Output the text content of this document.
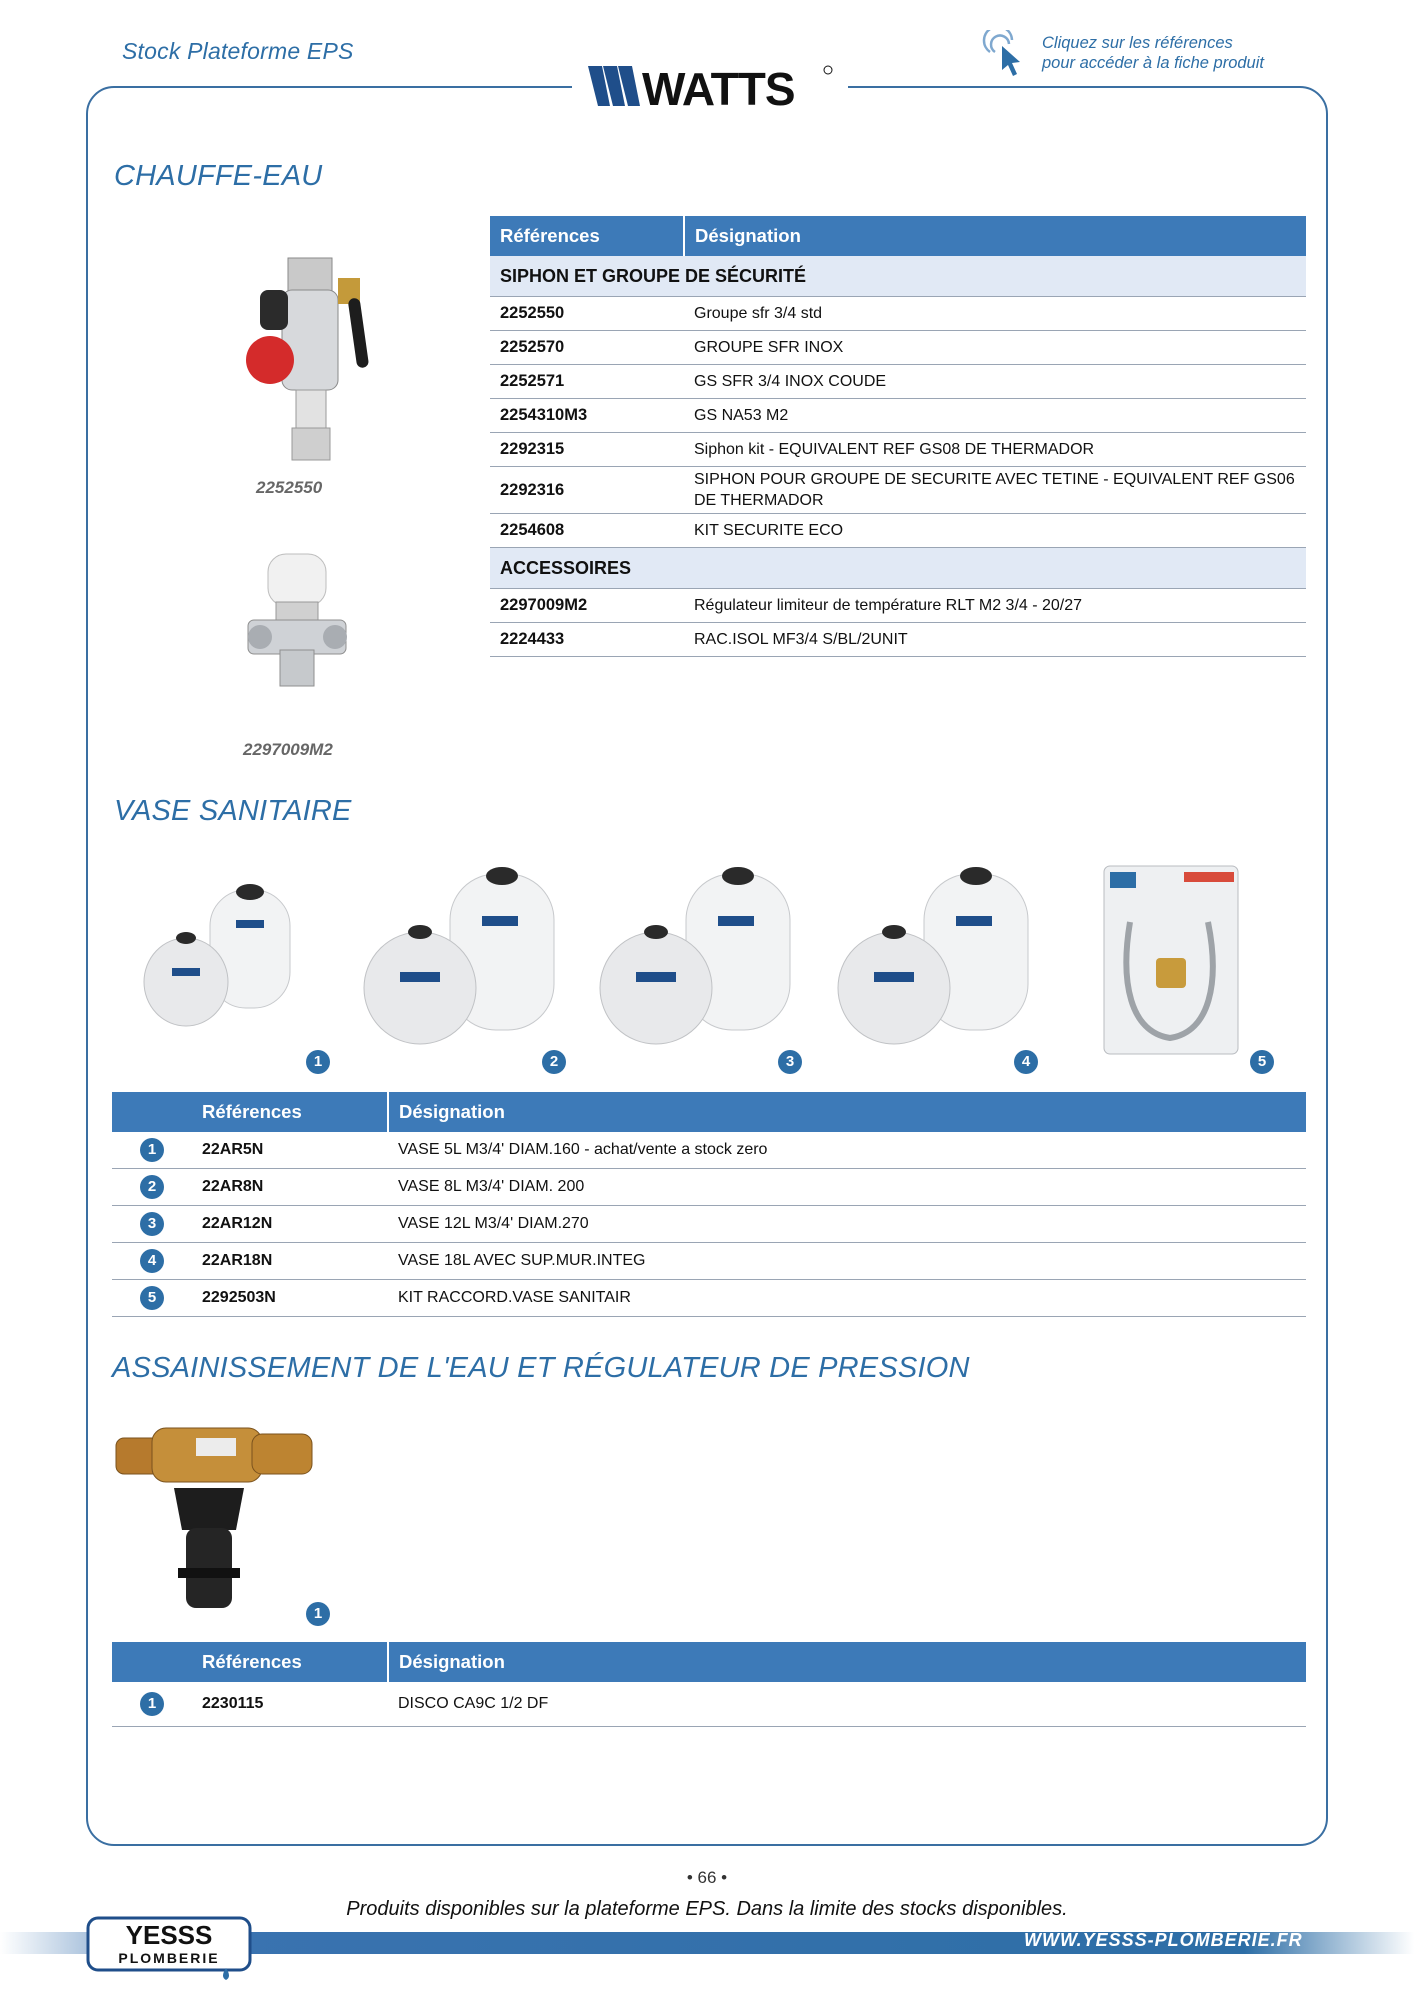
Stock Plateforme EPS
WATTS
Cliquez sur les références
pour accéder à la fiche produit
CHAUFFE-EAU
2252550
2297009M2
Références	Désignation
SIPHON ET GROUPE DE SÉCURITÉ	
2252550	Groupe sfr 3/4 std
2252570	GROUPE SFR INOX
2252571	GS SFR 3/4 INOX COUDE
2254310M3	GS NA53 M2
2292315	Siphon kit - EQUIVALENT REF GS08 DE THERMADOR
2292316	SIPHON POUR GROUPE DE SECURITE AVEC TETINE - EQUIVALENT REF GS06 DE THERMADOR
2254608	KIT SECURITE ECO
ACCESSOIRES	
2297009M2	Régulateur limiteur de température RLT M2 3/4 - 20/27
2224433	RAC.ISOL MF3/4 S/BL/2UNIT
VASE SANITAIRE
1	2	3	4	5
	Références	Désignation
1	22AR5N	VASE 5L M3/4' DIAM.160 - achat/vente a stock zero
2	22AR8N	VASE 8L M3/4' DIAM. 200
3	22AR12N	VASE 12L M3/4' DIAM.270
4	22AR18N	VASE 18L AVEC SUP.MUR.INTEG
5	2292503N	KIT RACCORD.VASE SANITAIR
ASSAINISSEMENT DE L'EAU ET RÉGULATEUR DE PRESSION
1
	Références	Désignation
1	2230115	DISCO CA9C 1/2 DF
• 66 •
Produits disponibles sur la plateforme EPS. Dans la limite des stocks disponibles.
WWW.YESSS-PLOMBERIE.FR
YESSS
PLOMBERIE
